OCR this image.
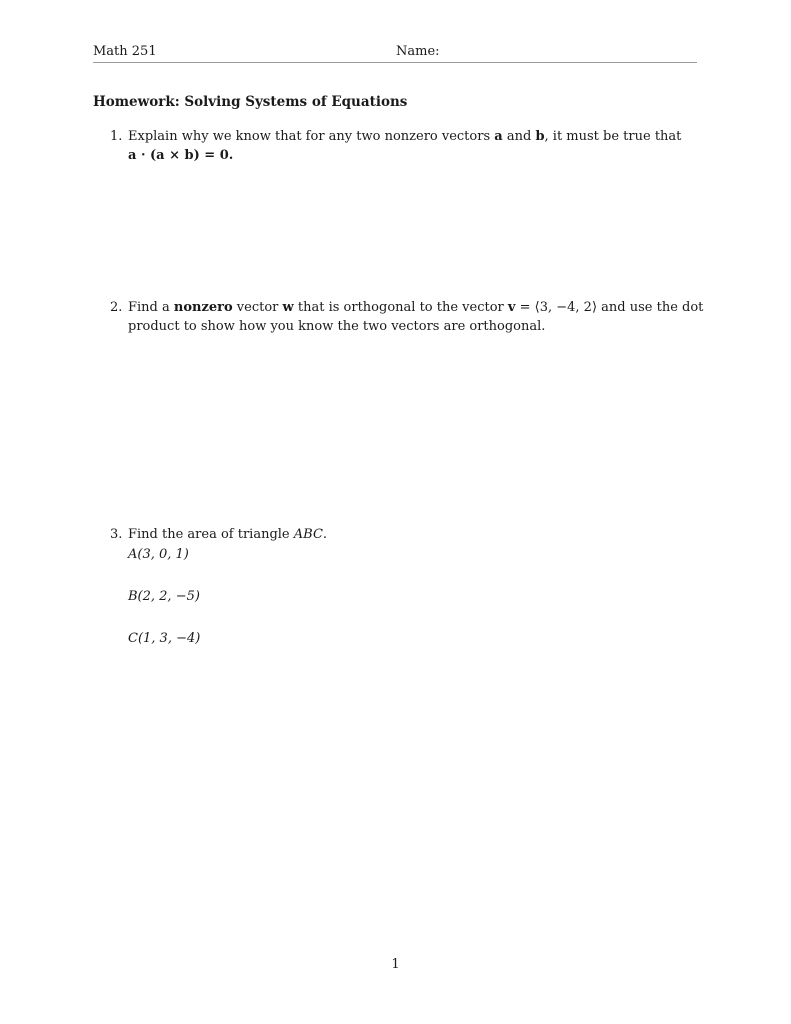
Math 251	Name:
Homework: Solving Systems of Equations
1. Explain why we know that for any two nonzero vectors a and b, it must be true that
a · (a × b) = 0.
2. Find a nonzero vector w that is orthogonal to the vector v = ⟨3, −4, 2⟩ and use the dot
product to show how you know the two vectors are orthogonal.
3. Find the area of triangle ABC.
A(3, 0, 1)
B(2, 2, −5)
C(1, 3, −4)
1
